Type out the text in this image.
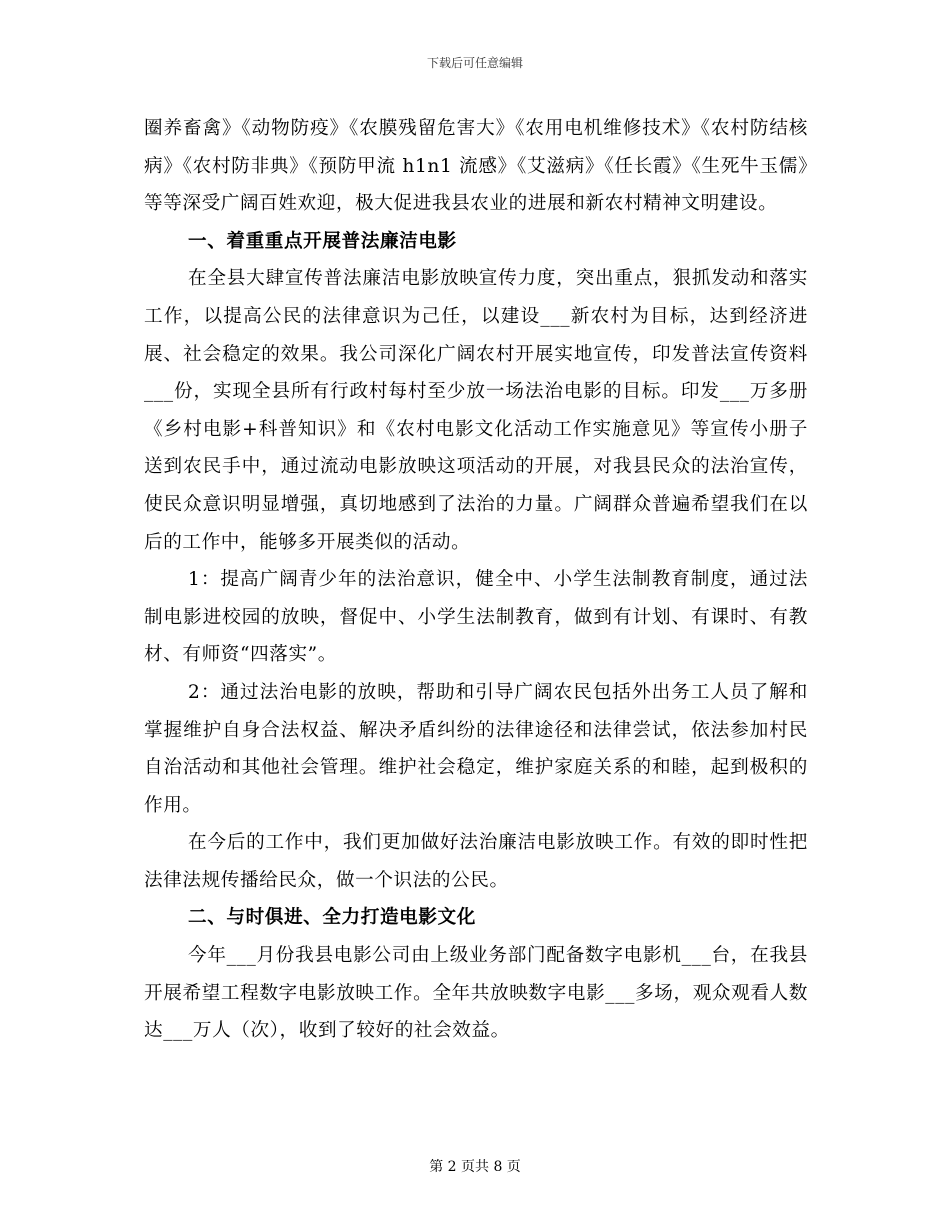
下载后可任意编辑

圈养畜禽》《动物防疫》《农膜残留危害大》《农用电机维修技术》《农村防结核病》《农村防非典》《预防甲流 h1n1 流感》《艾滋病》《任长霞》《生死牛玉儒》等等深受广阔百姓欢迎，极大促进我县农业的进展和新农村精神文明建设。

一、着重重点开展普法廉洁电影

在全县大肆宣传普法廉洁电影放映宣传力度，突出重点，狠抓发动和落实工作，以提高公民的法律意识为己任，以建设___新农村为目标，达到经济进展、社会稳定的效果。我公司深化广阔农村开展实地宣传，印发普法宣传资料___份，实现全县所有行政村每村至少放一场法治电影的目标。印发___万多册《乡村电影+科普知识》和《农村电影文化活动工作实施意见》等宣传小册子送到农民手中，通过流动电影放映这项活动的开展，对我县民众的法治宣传，使民众意识明显增强，真切地感到了法治的力量。广阔群众普遍希望我们在以后的工作中，能够多开展类似的活动。

1：提高广阔青少年的法治意识，健全中、小学生法制教育制度，通过法制电影进校园的放映，督促中、小学生法制教育，做到有计划、有课时、有教材、有师资“四落实”。

2：通过法治电影的放映，帮助和引导广阔农民包括外出务工人员了解和掌握维护自身合法权益、解决矛盾纠纷的法律途径和法律尝试，依法参加村民自治活动和其他社会管理。维护社会稳定，维护家庭关系的和睦，起到极积的作用。

在今后的工作中，我们更加做好法治廉洁电影放映工作。有效的即时性把法律法规传播给民众，做一个识法的公民。

二、与时俱进、全力打造电影文化

今年___月份我县电影公司由上级业务部门配备数字电影机___台，在我县开展希望工程数字电影放映工作。全年共放映数字电影___多场，观众观看人数达___万人（次），收到了较好的社会效益。

第 2 页共 8 页
